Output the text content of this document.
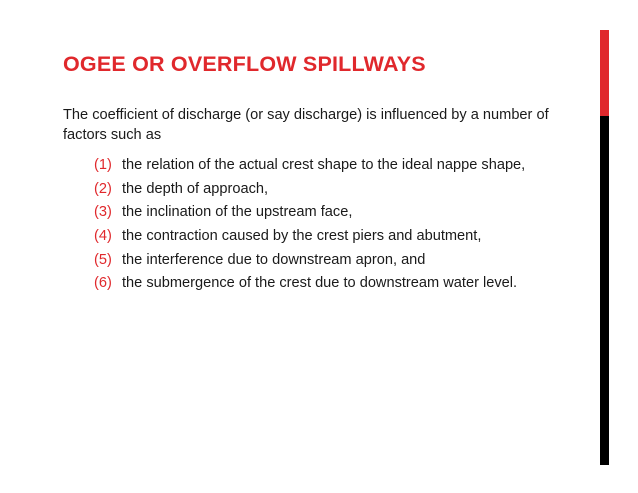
OGEE OR OVERFLOW SPILLWAYS

The coefficient of discharge (or say discharge) is influenced by a number of factors such as

(1) the relation of the actual crest shape to the ideal nappe shape,
(2) the depth of approach,
(3) the inclination of the upstream face,
(4) the contraction caused by the crest piers and abutment,
(5) the interference due to downstream apron, and
(6) the submergence of the crest due to downstream water level.
